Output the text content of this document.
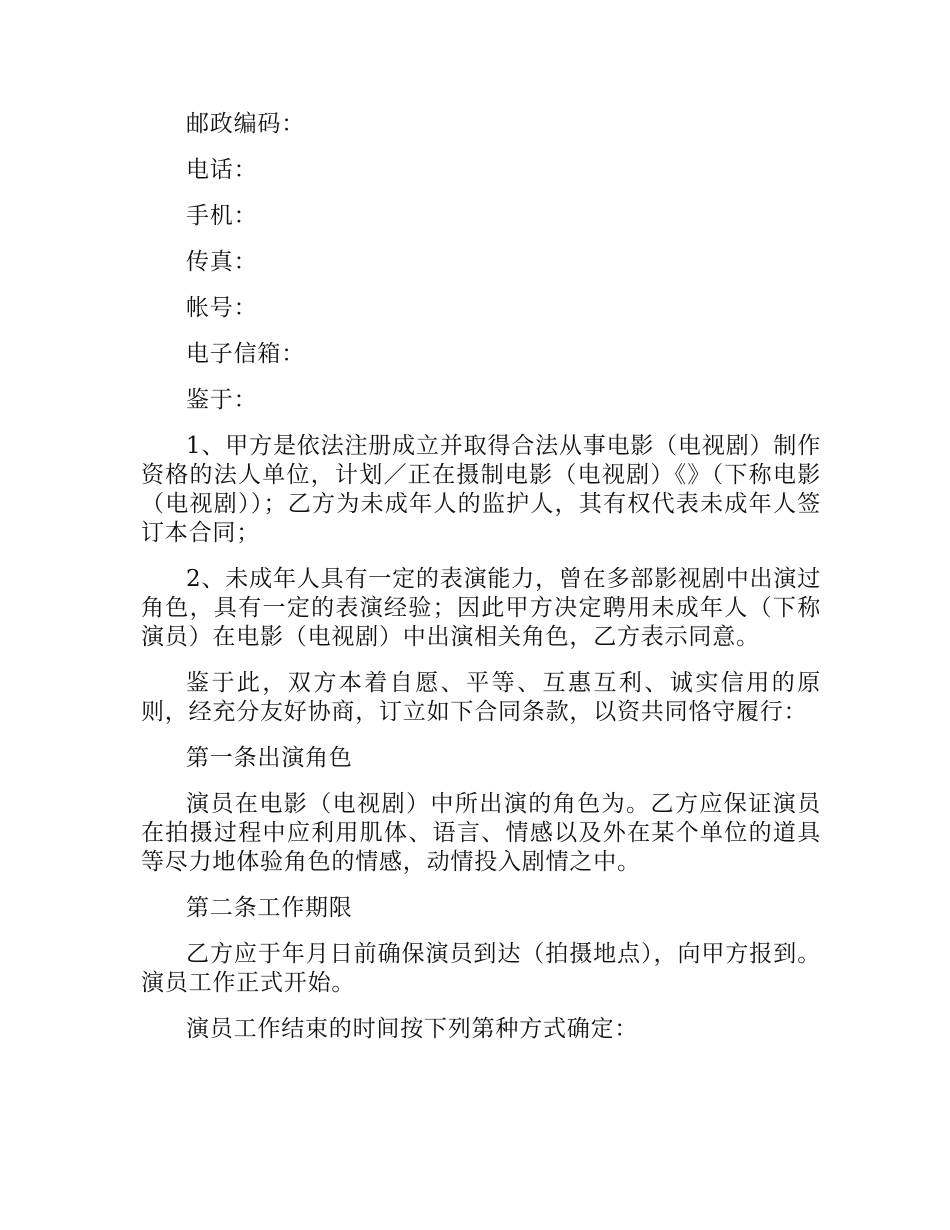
邮政编码：

电话：

手机：

传真：

帐号：

电子信箱：

鉴于：

1、甲方是依法注册成立并取得合法从事电影（电视剧）制作资格的法人单位，计划／正在摄制电影（电视剧）《》（下称电影（电视剧））；乙方为未成年人的监护人，其有权代表未成年人签订本合同；

2、未成年人具有一定的表演能力，曾在多部影视剧中出演过角色，具有一定的表演经验；因此甲方决定聘用未成年人（下称演员）在电影（电视剧）中出演相关角色，乙方表示同意。

鉴于此，双方本着自愿、平等、互惠互利、诚实信用的原则，经充分友好协商，订立如下合同条款，以资共同恪守履行：

第一条出演角色

演员在电影（电视剧）中所出演的角色为。乙方应保证演员在拍摄过程中应利用肌体、语言、情感以及外在某个单位的道具等尽力地体验角色的情感，动情投入剧情之中。

第二条工作期限

乙方应于年月日前确保演员到达（拍摄地点），向甲方报到。演员工作正式开始。

演员工作结束的时间按下列第种方式确定：
